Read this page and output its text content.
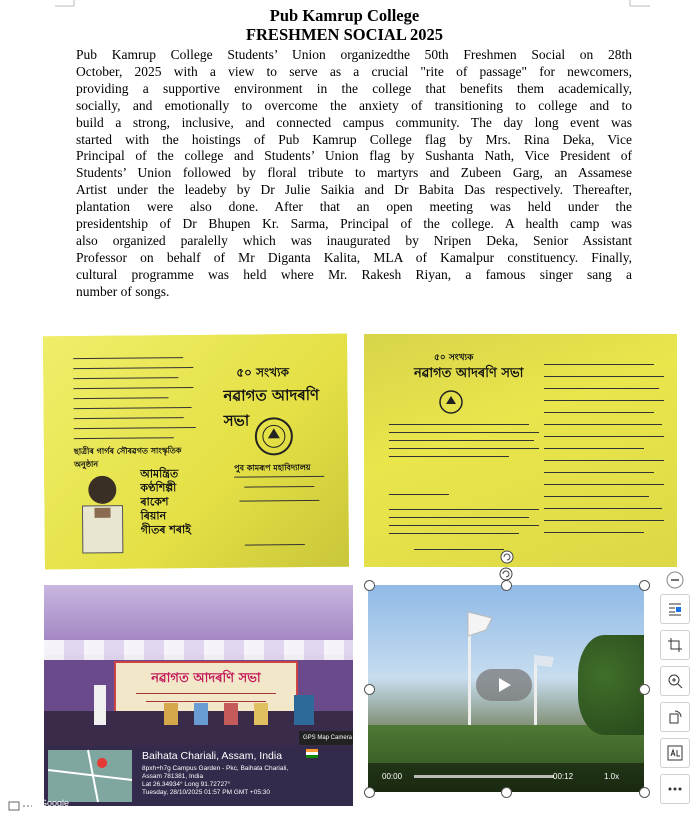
Pub Kamrup College
FRESHMEN SOCIAL 2025

Pub Kamrup College Students’ Union organizedthe 50th Freshmen Social on 28th

October, 2025 with a view to serve as a crucial "rite of passage" for newcomers,

providing a supportive environment in the college that benefits them academically,

socially, and emotionally to overcome the anxiety of transitioning to college and to

build a strong, inclusive, and connected campus community. The day long event was

started with the hoistings of Pub Kamrup College flag by Mrs. Rina Deka, Vice

Principal of the college and Students’ Union flag by Sushanta Nath, Vice President of

Students’ Union followed by floral tribute to martyrs and Zubeen Garg, an Assamese

Artist under the leadeby by Dr Julie Saikia and Dr Babita Das respectively. Thereafter,

plantation were also done. After that an open meeting was held under the

presidentship of Dr Bhupen Kr. Sarma, Principal of the college. A health camp was

also organized paralelly which was inaugurated by Nripen Deka, Senior Assistant

Professor on behalf of Mr Diganta Kalita, MLA of Kamalpur constituency. Finally,

cultural programme was held where Mr. Rakesh Riyan, a famous singer sang a

number of songs.

ছাত্ৰীৰ গাৰ্গৰ সৌৰৱগত সাংস্কৃতিক অনুষ্ঠান
আমন্ত্ৰিত
কণ্ঠশিল্পী
ৰাকেশ
ৰিয়ান
গীতৰ শৰাই
৫০ সংখ্যক
নৱাগত আদৰণি সভা
পুব কামৰূপ মহাবিদ্যালয়
৫০ সংখ্যক
নৱাগত আদৰণি সভা
নৱাগত আদৰণি সভা
GPS Map Camera
Google
Baihata Chariali, Assam, India
8pxh+h7g Campus Garden - Pkc, Baihata Chariali,
Assam 781381, India
Lat 26.34934° Long 91.72727°
Tuesday, 28/10/2025 01:57 PM GMT +05:30
00:00	00:12	1.0x
